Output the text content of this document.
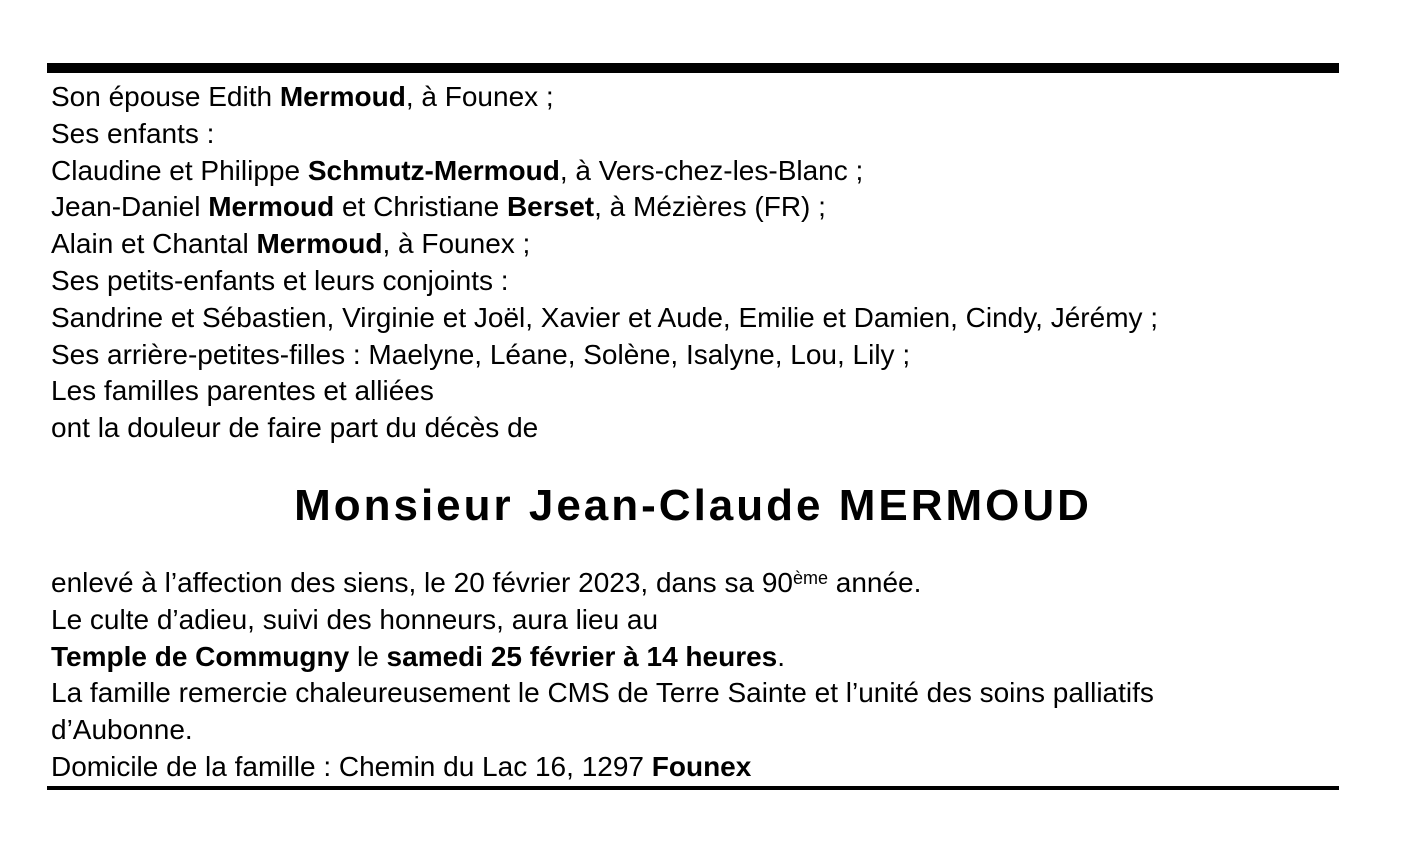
Son épouse Edith Mermoud, à Founex ;
Ses enfants :
Claudine et Philippe Schmutz-Mermoud, à Vers-chez-les-Blanc ;
Jean-Daniel Mermoud et Christiane Berset, à Mézières (FR) ;
Alain et Chantal Mermoud, à Founex ;
Ses petits-enfants et leurs conjoints :
Sandrine et Sébastien, Virginie et Joël, Xavier et Aude, Emilie et Damien, Cindy, Jérémy ;
Ses arrière-petites-filles : Maelyne, Léane, Solène, Isalyne, Lou, Lily ;
Les familles parentes et alliées
ont la douleur de faire part du décès de
Monsieur Jean-Claude MERMOUD
enlevé à l’affection des siens, le 20 février 2023, dans sa 90ème année.
Le culte d’adieu, suivi des honneurs, aura lieu au
Temple de Commugny le samedi 25 février à 14 heures.
La famille remercie chaleureusement le CMS de Terre Sainte et l’unité des soins palliatifs
d’Aubonne.
Domicile de la famille : Chemin du Lac 16, 1297 Founex
